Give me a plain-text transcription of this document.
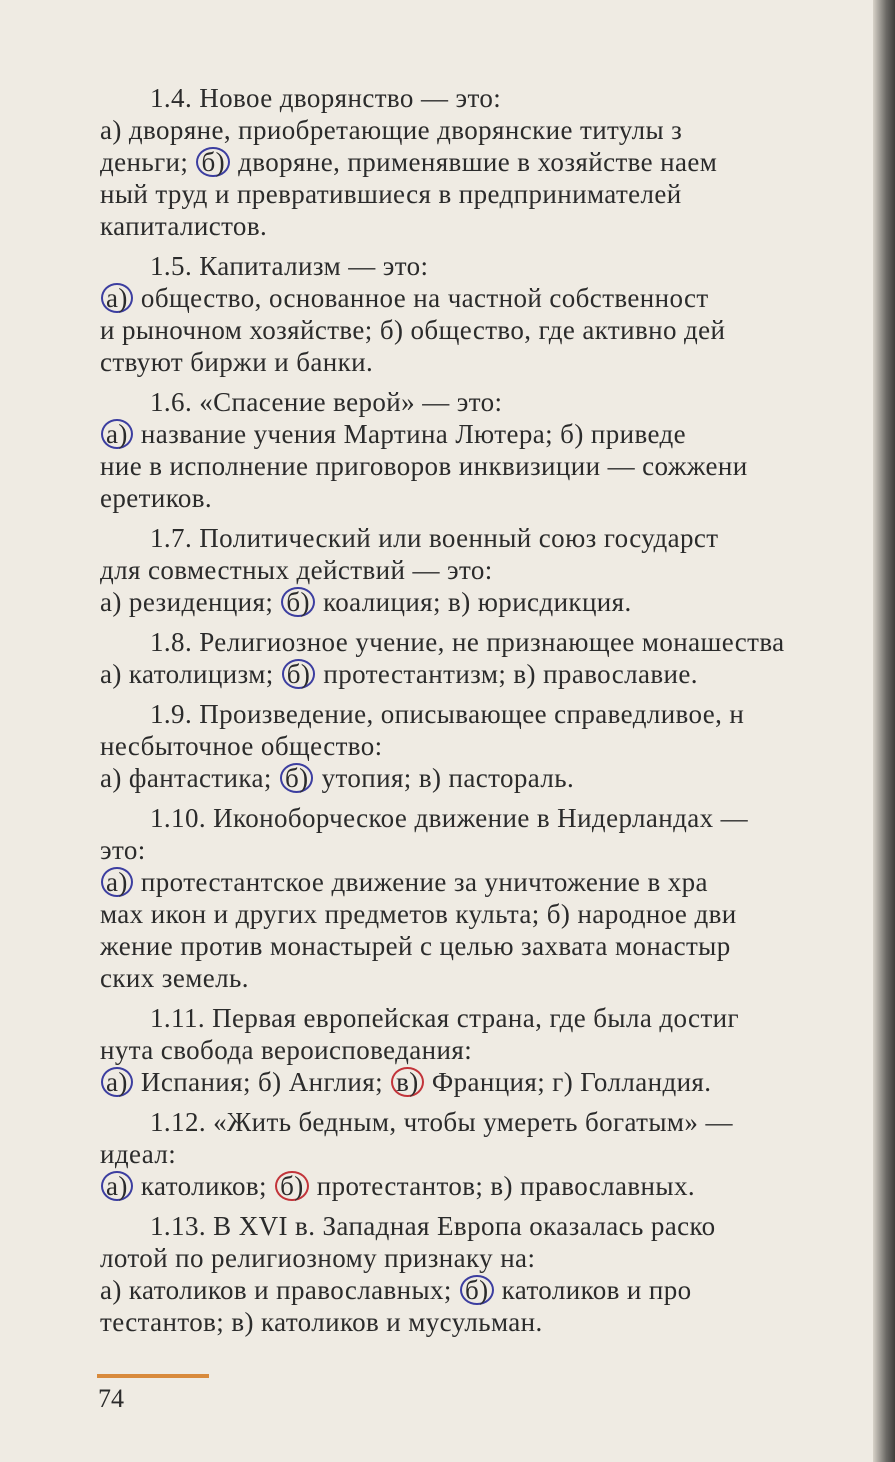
1.4. Новое дворянство — это:
а) дворяне, приобретающие дворянские титулы з
деньги; б) дворяне, применявшие в хозяйстве наем
ный труд и превратившиеся в предпринимателей
капиталистов.
1.5. Капитализм — это:
а) общество, основанное на частной собственност
и рыночном хозяйстве; б) общество, где активно дей
ствуют биржи и банки.
1.6. «Спасение верой» — это:
а) название учения Мартина Лютера; б) приведе
ние в исполнение приговоров инквизиции — сожжени
еретиков.
1.7. Политический или военный союз государст
для совместных действий — это:
а) резиденция; б) коалиция; в) юрисдикция.
1.8. Религиозное учение, не признающее монашества
а) католицизм; б) протестантизм; в) православие.
1.9. Произведение, описывающее справедливое, н
несбыточное общество:
а) фантастика; б) утопия; в) пастораль.
1.10. Иконоборческое движение в Нидерландах —
это:
а) протестантское движение за уничтожение в хра
мах икон и других предметов культа; б) народное дви
жение против монастырей с целью захвата монастыр
ских земель.
1.11. Первая европейская страна, где была достиг
нута свобода вероисповедания:
а) Испания; б) Англия; в) Франция; г) Голландия.
1.12. «Жить бедным, чтобы умереть богатым» —
идеал:
а) католиков; б) протестантов; в) православных.
1.13. В XVI в. Западная Европа оказалась раско
лотой по религиозному признаку на:
а) католиков и православных; б) католиков и про
тестантов; в) католиков и мусульман.
74
